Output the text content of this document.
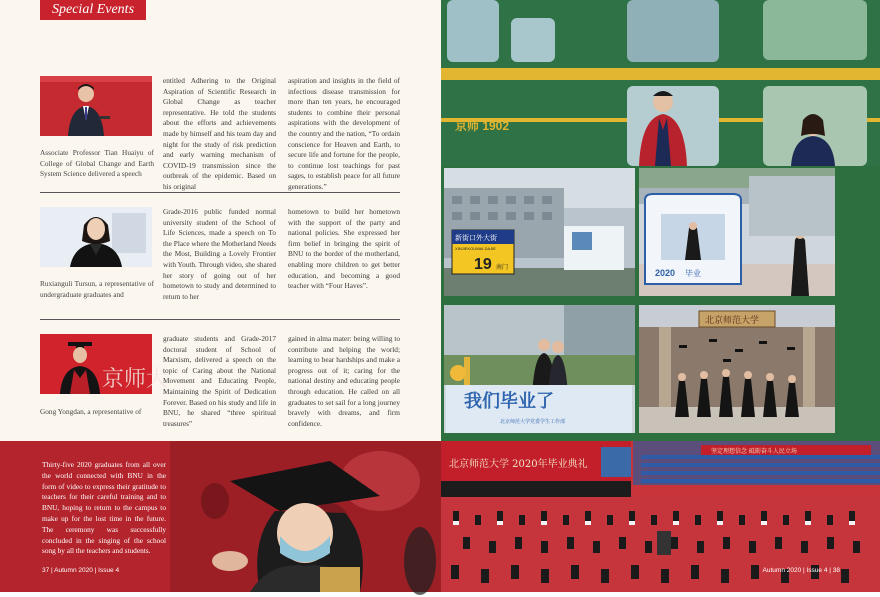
Special Events
Associate Professor Tian Huaiyu of College of Global Change and Earth System Science delivered a speech
entitled Adhering to the Original Aspiration of Scientific Research in Global Change as teacher representative. He told the students about the efforts and achievements made by himself and his team day and night for the study of risk prediction and early warning mechanism of COVID-19 transmission since the outbreak of the epidemic. Based on his original
aspiration and insights in the field of infectious disease transmission for more than ten years, he encouraged students to combine their personal aspirations with the development of the country and the nation, “To ordain conscience for Heaven and Earth, to secure life and fortune for the people, to continue lost teachings for past sages, to establish peace for all future generations.”
Ruxianguli Tursun, a representative of undergraduate graduates and
Grade-2016 public funded normal university student of the School of Life Sciences, made a speech on To the Place where the Motherland Needs the Most, Building a Lovely Frontier with Youth. Through video, she shared her story of going out of her hometown to study and determined to return to her
hometown to build her hometown with the support of the party and national policies. She expressed her firm belief in bringing the spirit of BNU to the border of the motherland, enabling more children to get better education, and becoming a good teacher with “Four Haves”.
京师大
Gong Yongdan, a representative of
graduate students and Grade-2017 doctoral student of School of Marxism, delivered a speech on the topic of Caring about the National Movement and Educating People, Maintaining the Spirit of Dedication Forever. Based on his study and life in BNU, he shared “three spiritual treasures”
gained in alma mater: being willing to contribute and helping the world; learning to bear hardships and make a progress out of it; caring for the national destiny and educating people through education. He called on all graduates to set sail for a long journey bravely with dreams, and firm confidence.
Thirty-five 2020 graduates from all over the world connected with BNU in the form of video to express their gratitude to teachers for their careful training and to BNU, hoping to return to the campus to make up for the lost time in the future. The ceremony was successfully concluded in the singing of the school song by all the teachers and students.
37 | Autumn 2020 | Issue 4
京师 1902
新街口外大街
XINJIEKOUWAI DAJIE
19 南门
2020 毕业
我们毕业了
北京师范大学党委学生工作部
北京师范大学
北京师范大学 2020年毕业典礼
坚定理想信念 砥砺奋斗人民立场
Autumn 2020 | Issue 4 | 38
